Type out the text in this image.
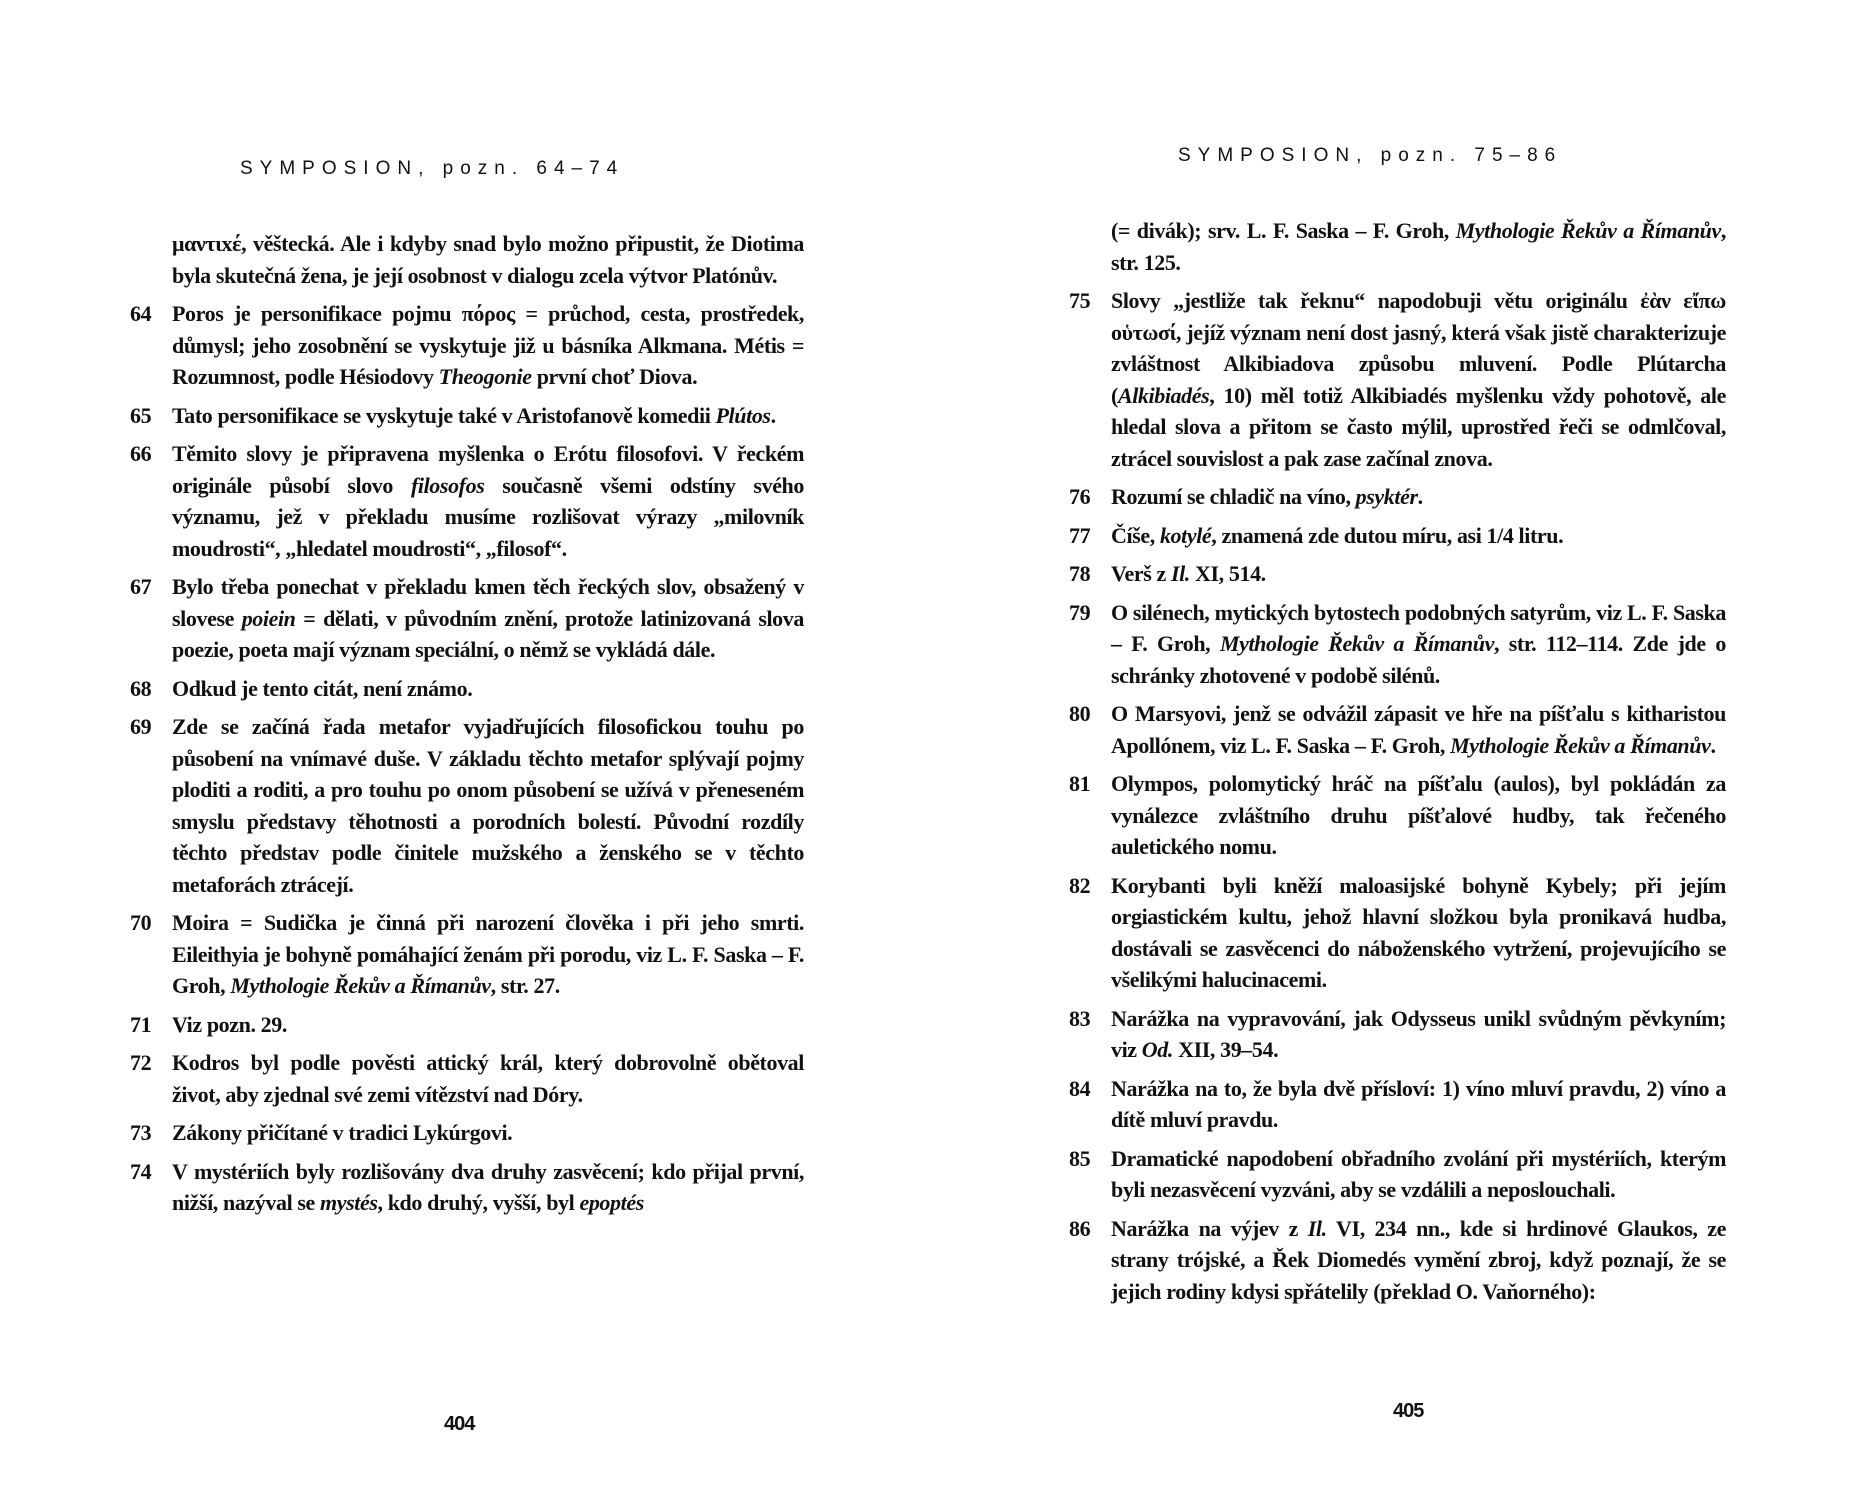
SYMPOSION, pozn. 64–74
μαντιxέ, věštecká. Ale i kdyby snad bylo možno připustit, že Diotima byla skutečná žena, je její osobnost v dialogu zcela výtvor Platónův.
64 Poros je personifikace pojmu πόρος = průchod, cesta, prostředek, důmysl; jeho zosobnění se vyskytuje již u básníka Alkmana. Métis = Rozumnost, podle Hésiodovy Theogonie první choť Diova.
65 Tato personifikace se vyskytuje také v Aristofanově komedii Plútos.
66 Těmito slovy je připravena myšlenka o Erótu filosofovi. V řeckém originále působí slovo filosofos současně všemi odstíny svého významu, jež v překladu musíme rozlišovat výrazy „milovník moudrosti“, „hledatel moudrosti“, „filosof“.
67 Bylo třeba ponechat v překladu kmen těch řeckých slov, obsažený v slovese poiein = dělati, v původním znění, protože latinizovaná slova poezie, poeta mají význam speciální, o němž se vykládá dále.
68 Odkud je tento citát, není známo.
69 Zde se začíná řada metafor vyjadřujících filosofickou touhu po působení na vnímavé duše. V základu těchto metafor splývají pojmy ploditi a roditi, a pro touhu po onom působení se užívá v přeneseném smyslu představy těhotnosti a porodních bolestí. Původní rozdíly těchto představ podle činitele mužského a ženského se v těchto metaforách ztrácejí.
70 Moira = Sudička je činná při narození člověka i při jeho smrti. Eileithyia je bohyně pomáhající ženám při porodu, viz L. F. Saska – F. Groh, Mythologie Řekův a Římanův, str. 27.
71 Viz pozn. 29.
72 Kodros byl podle pověsti attický král, který dobrovolně obětoval život, aby zjednal své zemi vítězství nad Dóry.
73 Zákony přičítané v tradici Lykúrgovi.
74 V mystériích byly rozlišovány dva druhy zasvěcení; kdo přijal první, nižší, nazýval se mystés, kdo druhý, vyšší, byl epoptés
404
SYMPOSION, pozn. 75–86
(= divák); srv. L. F. Saska – F. Groh, Mythologie Řekův a Římanův, str. 125.
75 Slovy „jestliže tak řeknu“ napodobuji větu originálu ἐὰν εἴπω οὑτωσί, jejíž význam není dost jasný, která však jistě charakterizuje zvláštnost Alkibiadova způsobu mluvení. Podle Plútarcha (Alkibiadés, 10) měl totiž Alkibiadés myšlenku vždy pohotově, ale hledal slova a přitom se často mýlil, uprostřed řeči se odmlčoval, ztrácel souvislost a pak zase začínal znova.
76 Rozumí se chladič na víno, psyktér.
77 Číše, kotylé, znamená zde dutou míru, asi 1/4 litru.
78 Verš z Il. XI, 514.
79 O silénech, mytických bytostech podobných satyrům, viz L. F. Saska – F. Groh, Mythologie Řekův a Římanův, str. 112–114. Zde jde o schránky zhotovené v podobě silénů.
80 O Marsyovi, jenž se odvážil zápasit ve hře na píšťalu s kitharistou Apollónem, viz L. F. Saska – F. Groh, Mythologie Řekův a Římanův.
81 Olympos, polomytický hráč na píšťalu (aulos), byl pokládán za vynálezce zvláštního druhu píšťalové hudby, tak řečeného auletického nomu.
82 Korybanti byli kněží maloasijské bohyně Kybely; při jejím orgiastickém kultu, jehož hlavní složkou byla pronikavá hudba, dostávali se zasvěcenci do náboženského vytržení, projevujícího se všelikými halucinacemi.
83 Narážka na vypravování, jak Odysseus unikl svůdným pěvkyním; viz Od. XII, 39–54.
84 Narážka na to, že byla dvě přísloví: 1) víno mluví pravdu, 2) víno a dítě mluví pravdu.
85 Dramatické napodobení obřadního zvolání při mystériích, kterým byli nezasvěcení vyzváni, aby se vzdálili a neposlouchali.
86 Narážka na výjev z Il. VI, 234 nn., kde si hrdinové Glaukos, ze strany trójské, a Řek Diomedés vymění zbroj, když poznají, že se jejich rodiny kdysi spřátelily (překlad O. Vaňorného):
405
